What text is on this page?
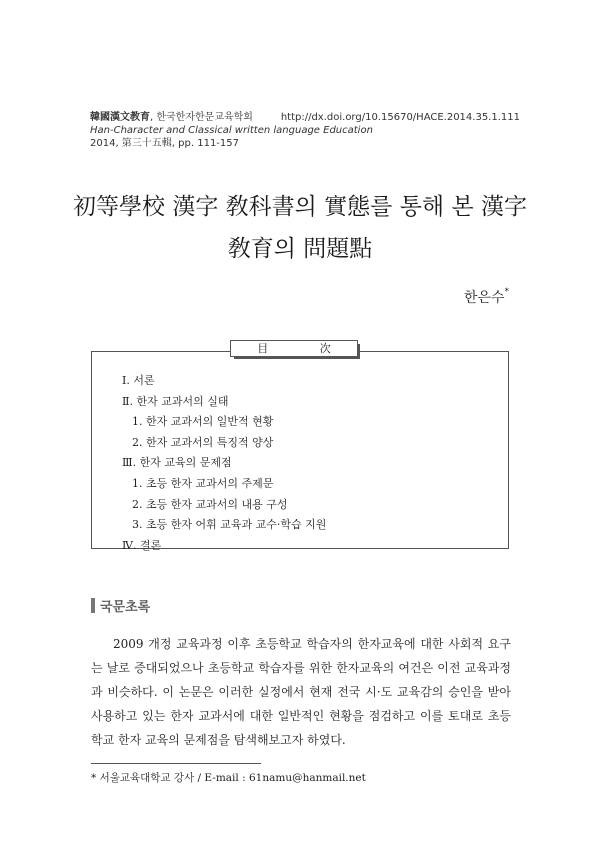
韓國漢文教育, 한국한자한문교육학회	http://dx.doi.org/10.15670/HACE.2014.35.1.111
Han-Character and Classical written language Education
2014, 第三十五輯, pp. 111-157
初等學校 漢字 敎科書의 實態를 통해 본 漢字
敎育의 問題點
한은수*
目 次
Ⅰ. 서론
Ⅱ. 한자 교과서의 실태
1. 한자 교과서의 일반적 현황
2. 한자 교과서의 특징적 양상
Ⅲ. 한자 교육의 문제점
1. 초등 한자 교과서의 주제문
2. 초등 한자 교과서의 내용 구성
3. 초등 한자 어휘 교육과 교수·학습 지원
Ⅳ. 결론
국문초록
2009 개정 교육과정 이후 초등학교 학습자의 한자교육에 대한 사회적 요구는 날로 증대되었으나 초등학교 학습자를 위한 한자교육의 여건은 이전 교육과정과 비슷하다. 이 논문은 이러한 실정에서 현재 전국 시·도 교육감의 승인을 받아 사용하고 있는 한자 교과서에 대한 일반적인 현황을 점검하고 이를 토대로 초등학교 한자 교육의 문제점을 탐색해보고자 하였다.
* 서울교육대학교 강사 / E-mail : 61namu@hanmail.net
